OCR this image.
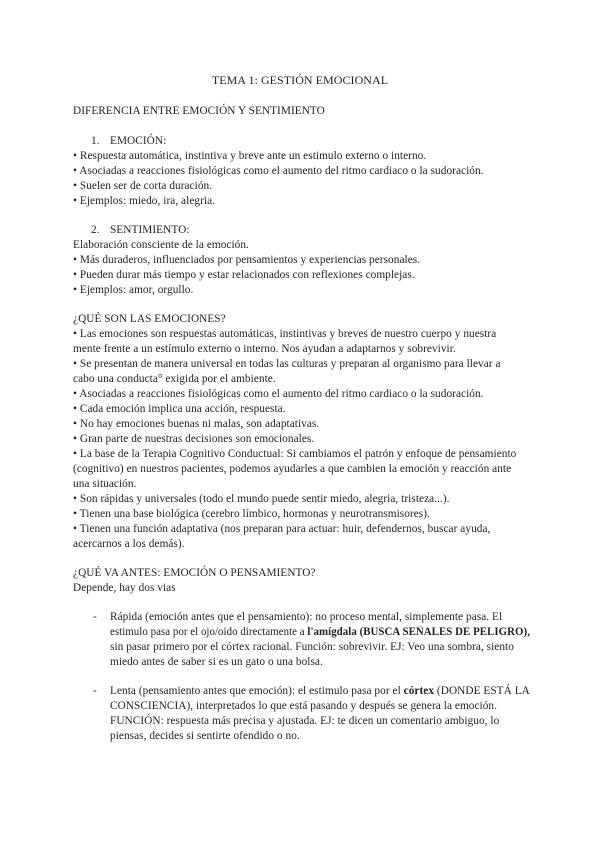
TEMA 1: GESTIÓN EMOCIONAL
DIFERENCIA ENTRE EMOCIÓN Y SENTIMIENTO
1. EMOCIÓN:
• Respuesta automática, instintiva y breve ante un estimulo externo o interno.
• Asociadas a reacciones fisiológicas como el aumento del ritmo cardiaco o la sudoración.
• Suelen ser de corta duración.
• Ejemplos: miedo, ira, alegria.
2. SENTIMIENTO:
Elaboración consciente de la emoción.
• Más duraderos, influenciados por pensamientos y experiencias personales.
• Pueden durar más tiempo y estar relacionados con reflexiones complejas.
• Ejemplos: amor, orgullo.
¿QUÉ SON LAS EMOCIONES?
• Las emociones son respuestas automáticas, instintivas y breves de nuestro cuerpo y nuestra
mente frente a un estímulo externo o interno. Nos ayudan a adaptarnos y sobrevivir.
• Se presentan de manera universal en todas las culturas y preparan al organismo para llevar a
cabo una conducta° exigida por el ambiente.
• Asociadas a reacciones fisiológicas como el aumento del ritmo cardiaco o la sudoración.
• Cada emoción implica una acción, respuesta.
• No hay emociones buenas ni malas, son adaptativas.
• Gran parte de nuestras decisiones son emocionales.
• La base de la Terapia Cognitivo Conductual: Si cambiamos el patrón y enfoque de pensamiento
(cognitivo) en nuestros pacientes, podemos ayudarles a que cambien la emoción y reacción ante
una situación.
• Son rápidas y universales (todo el mundo puede sentir miedo, alegria, tristeza...).
• Tienen una base biológica (cerebro límbico, hormonas y neurotransmisores).
• Tienen una función adaptativa (nos preparan para actuar: huir, defendernos, buscar ayuda,
acercarnos a los demás).
¿QUÉ VA ANTES: EMOCIÓN O PENSAMIENTO?
Depende, hay dos vias
- Rápida (emoción antes que el pensamiento): no proceso mental, simplemente pasa. El
estimulo pasa por el ojo/oido directamente a l'amígdala (BUSCA SEÑALES DE PELIGRO),
sin pasar primero por el córtex racional. Función: sobrevivir. EJ: Veo una sombra, siento
miedo antes de saber si es un gato o una bolsa.
- Lenta (pensamiento antes que emoción): el estimulo pasa por el córtex (DONDE ESTÁ LA
CONSCIENCIA), interpretados lo que está pasando y después se genera la emoción.
FUNCIÓN: respuesta más precisa y ajustada. EJ: te dicen un comentario ambiguo, lo
piensas, decides si sentirte ofendido o no.
